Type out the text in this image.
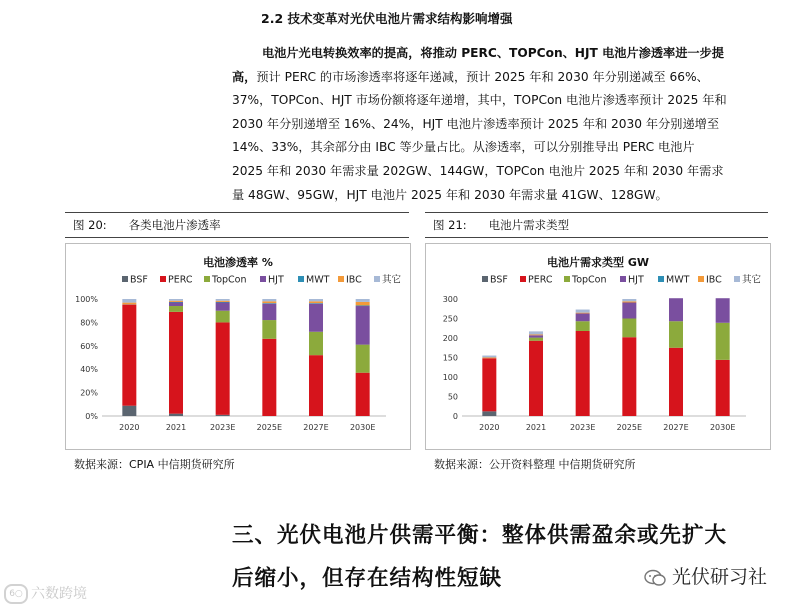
2.2 技术变革对光伏电池片需求结构影响增强

电池片光电转换效率的提高，将推动 PERC、TOPCon、HJT 电池片渗透率进一步提高，预计 PERC 的市场渗透率将逐年递减，预计 2025 年和 2030 年分别递减至 66%、37%，TOPCon、HJT 市场份额将逐年递增，其中，TOPCon 电池片渗透率预计 2025 年和 2030 年分别递增至 16%、24%，HJT 电池片渗透率预计 2025 年和 2030 年分别递增至 14%、33%，其余部分由 IBC 等少量占比。从渗透率，可以分别推导出 PERC 电池片 2025 年和 2030 年需求量 202GW、144GW，TOPCon 电池片 2025 年和 2030 年需求量 48GW、95GW，HJT 电池片 2025 年和 2030 年需求量 41GW、128GW。

图 20: 各类电池片渗透率	图 21: 电池片需求类型
电池渗透率 %
BSF PERC TopCon HJT MWT IBC 其它
0%
20%
40%
60%
80%
100%
2020	2021	2023E	2025E	2027E	2030E
电池片需求类型 GW
BSF PERC TopCon HJT MWT IBC 其它
0
50
100
150
200
250
300
2020	2021	2023E	2025E	2027E	2030E
数据来源：CPIA 中信期货研究所	数据来源：公开资料整理 中信期货研究所

三、光伏电池片供需平衡：整体供需盈余或先扩大

后缩小，但存在结构性短缺

6○ 六数跨境
光伏研习社
